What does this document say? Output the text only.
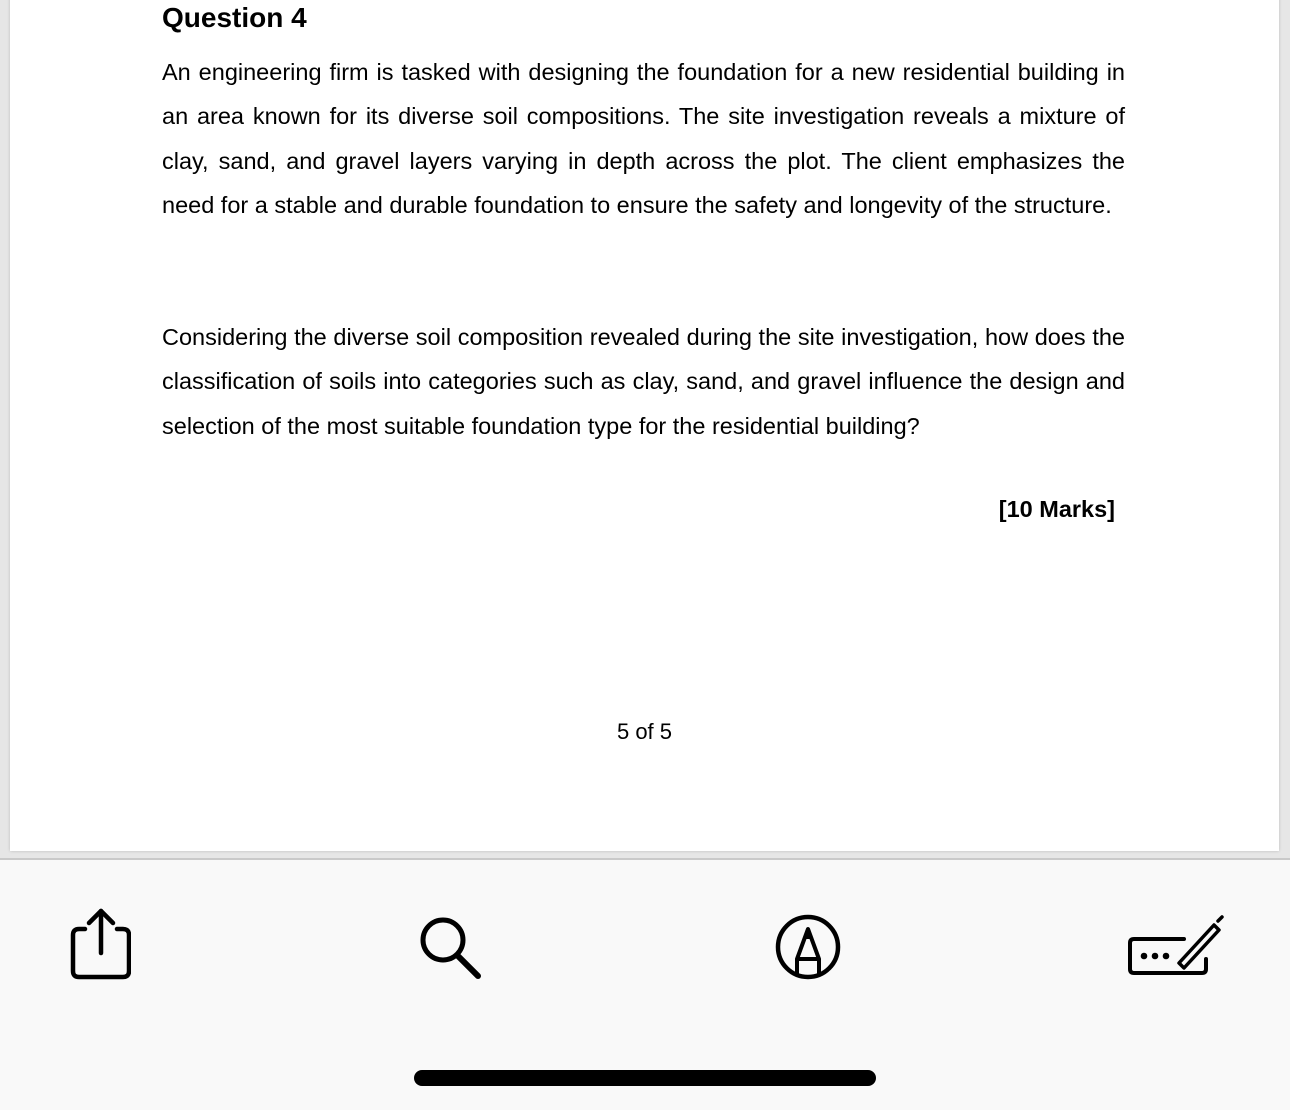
Question 4

An engineering firm is tasked with designing the foundation for a new residential building in an area known for its diverse soil compositions. The site investigation reveals a mixture of clay, sand, and gravel layers varying in depth across the plot. The client emphasizes the need for a stable and durable foundation to ensure the safety and longevity of the structure.

Considering the diverse soil composition revealed during the site investigation, how does the classification of soils into categories such as clay, sand, and gravel influence the design and selection of the most suitable foundation type for the residential building?

[10 Marks]
5 of 5
